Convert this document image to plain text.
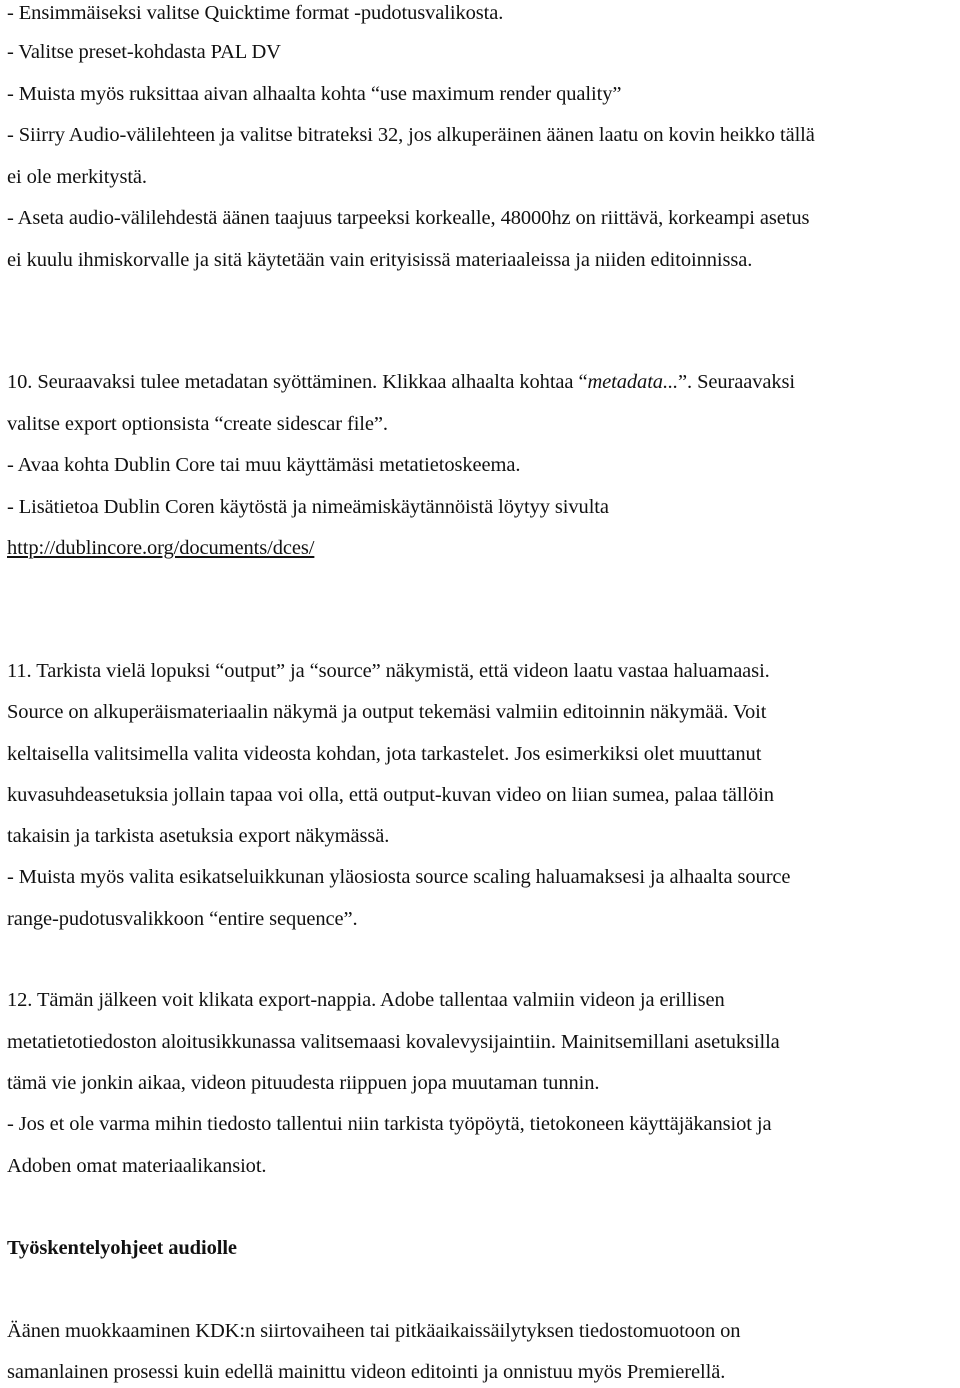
- Ensimmäiseksi valitse Quicktime format -pudotusvalikosta.
- Valitse preset-kohdasta PAL DV
- Muista myös ruksittaa aivan alhaalta kohta “use maximum render quality”
- Siirry Audio-välilehteen ja valitse bitrateksi 32, jos alkuperäinen äänen laatu on kovin heikko tällä
ei ole merkitystä.
- Aseta audio-välilehdestä äänen taajuus tarpeeksi korkealle, 48000hz on riittävä, korkeampi asetus
ei kuulu ihmiskorvalle ja sitä käytetään vain erityisissä materiaaleissa ja niiden editoinnissa.
10. Seuraavaksi tulee metadatan syöttäminen. Klikkaa alhaalta kohtaa “metadata...”. Seuraavaksi
valitse export optionsista “create sidescar file”.
- Avaa kohta Dublin Core tai muu käyttämäsi metatietoskeema.
- Lisätietoa Dublin Coren käytöstä ja nimeämiskäytännöistä löytyy sivulta
http://dublincore.org/documents/dces/
11. Tarkista vielä lopuksi “output” ja “source” näkymistä, että videon laatu vastaa haluamaasi.
Source on alkuperäismateriaalin näkymä ja output tekemäsi valmiin editoinnin näkymää. Voit
keltaisella valitsimella valita videosta kohdan, jota tarkastelet. Jos esimerkiksi olet muuttanut
kuvasuhdeasetuksia jollain tapaa voi olla, että output-kuvan video on liian sumea, palaa tällöin
takaisin ja tarkista asetuksia export näkymässä.
- Muista myös valita esikatseluikkunan yläosiosta source scaling haluamaksesi ja alhaalta source
range-pudotusvalikkoon “entire sequence”.
12. Tämän jälkeen voit klikata export-nappia. Adobe tallentaa valmiin videon ja erillisen
metatietotiedoston aloitusikkunassa valitsemaasi kovalevysijaintiin. Mainitsemillani asetuksilla
tämä vie jonkin aikaa, videon pituudesta riippuen jopa muutaman tunnin.
- Jos et ole varma mihin tiedosto tallentui niin tarkista työpöytä, tietokoneen käyttäjäkansiot ja
Adoben omat materiaalikansiot.
Työskentelyohjeet audiolle
Äänen muokkaaminen KDK:n siirtovaiheen tai pitkäaikaissäilytyksen tiedostomuotoon on
samanlainen prosessi kuin edellä mainittu videon editointi ja onnistuu myös Premierellä.
